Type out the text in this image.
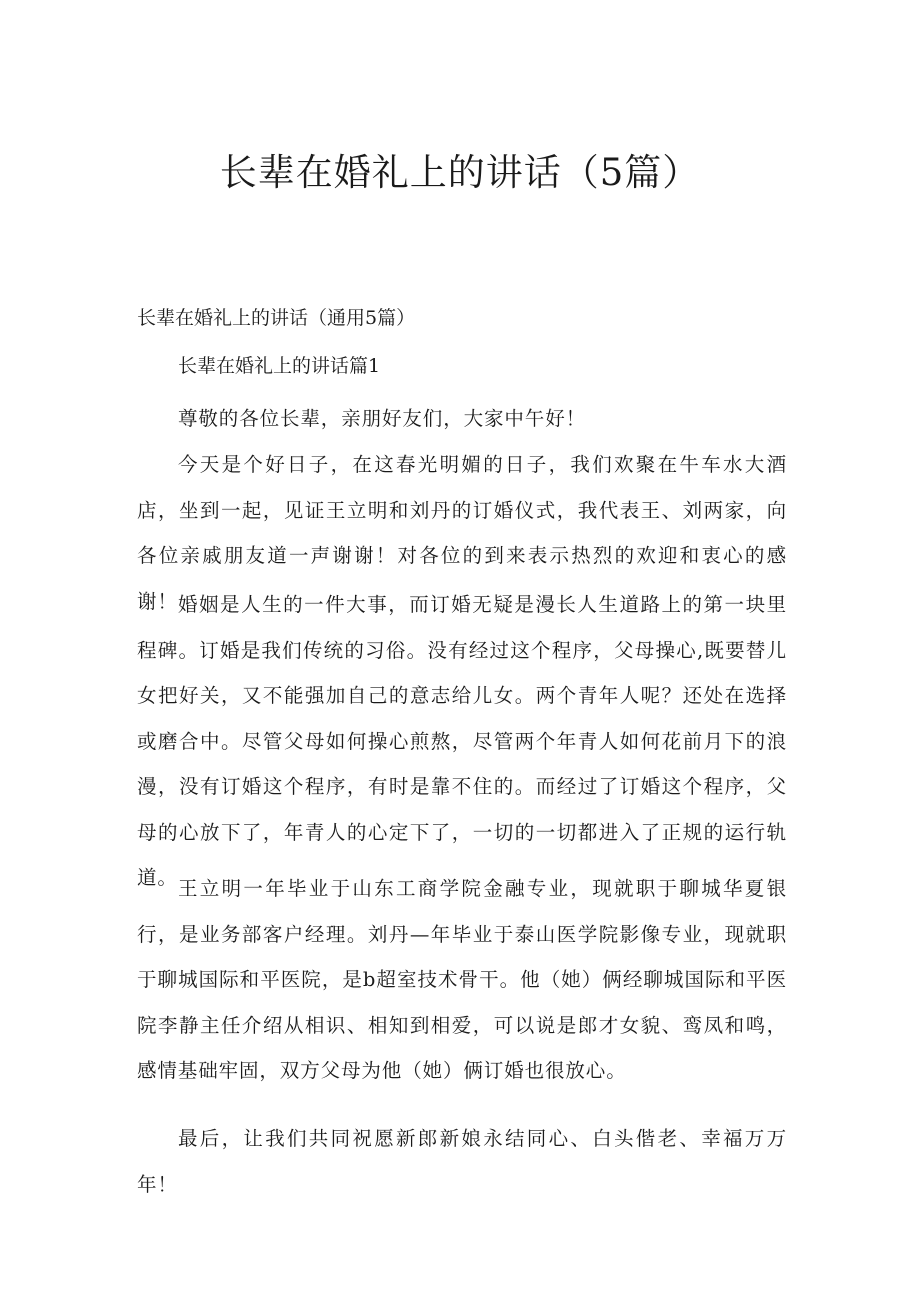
长辈在婚礼上的讲话（5篇）

长辈在婚礼上的讲话（通用5篇）

长辈在婚礼上的讲话篇1

尊敬的各位长辈，亲朋好友们，大家中午好！

今天是个好日子，在这春光明媚的日子，我们欢聚在牛车水大酒店，坐到一起，见证王立明和刘丹的订婚仪式，我代表王、刘两家，向各位亲戚朋友道一声谢谢！对各位的到来表示热烈的欢迎和衷心的感谢！ 婚姻是人生的一件大事，而订婚无疑是漫长人生道路上的第一块里程碑。订婚是我们传统的习俗。没有经过这个程序，父母操心,既要替儿女把好关，又不能强加自己的意志给儿女。两个青年人呢？还处在选择或磨合中。尽管父母如何操心煎熬，尽管两个年青人如何花前月下的浪漫，没有订婚这个程序，有时是靠不住的。而经过了订婚这个程序，父母的心放下了，年青人的心定下了，一切的一切都进入了正规的运行轨道。 王立明一年毕业于山东工商学院金融专业，现就职于聊城华夏银行，是业务部客户经理。刘丹—年毕业于泰山医学院影像专业，现就职于聊城国际和平医院，是b超室技术骨干。他（她）俩经聊城国际和平医院李静主任介绍从相识、相知到相爱，可以说是郎才女貌、鸾凤和鸣，感情基础牢固，双方父母为他（她）俩订婚也很放心。

最后，让我们共同祝愿新郎新娘永结同心、白头偕老、幸福万万年！
